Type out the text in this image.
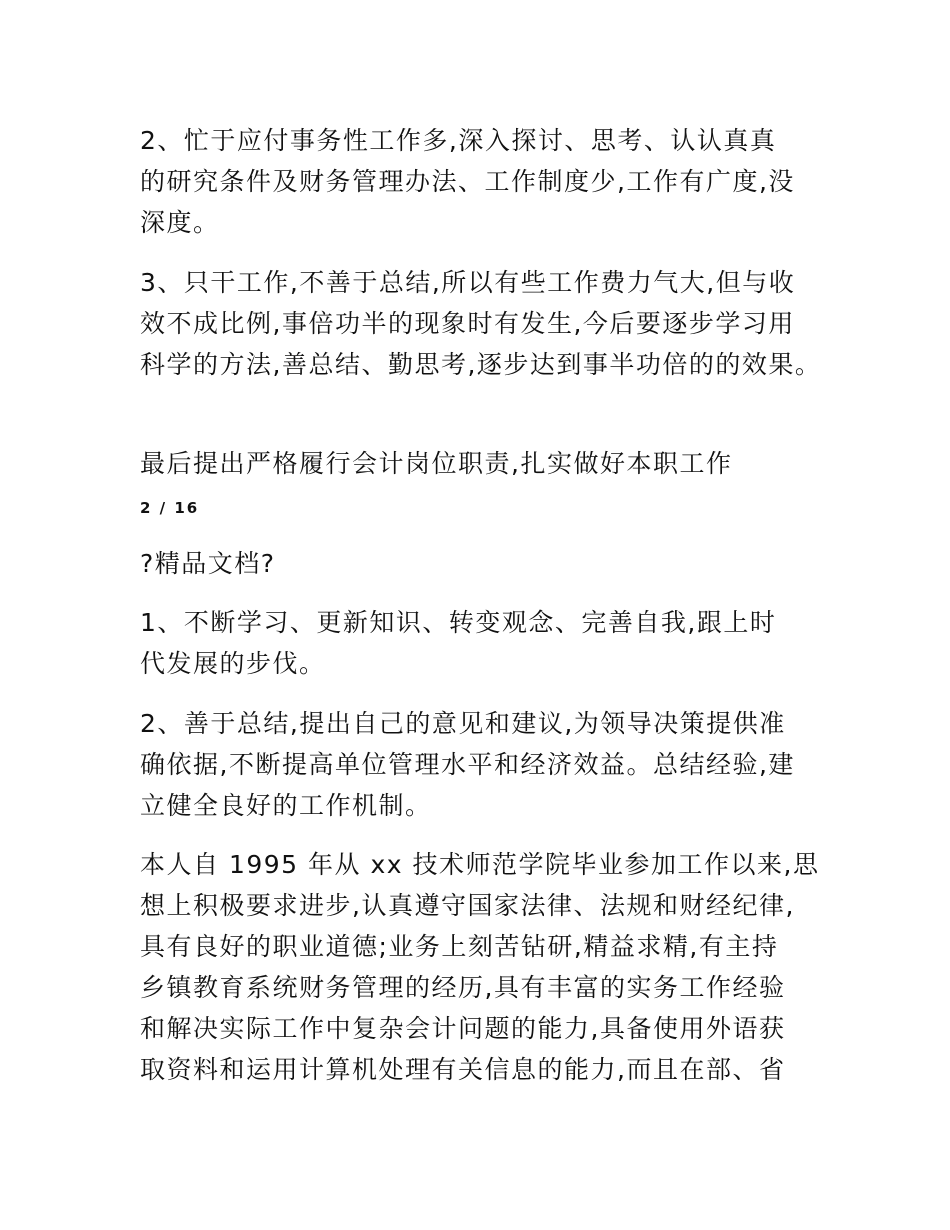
2、忙于应付事务性工作多,深入探讨、思考、认认真真
的研究条件及财务管理办法、工作制度少,工作有广度,没
深度。

3、只干工作,不善于总结,所以有些工作费力气大,但与收
效不成比例,事倍功半的现象时有发生,今后要逐步学习用
科学的方法,善总结、勤思考,逐步达到事半功倍的的效果。

最后提出严格履行会计岗位职责,扎实做好本职工作

2 / 16

?精品文档?

1、不断学习、更新知识、转变观念、完善自我,跟上时
代发展的步伐。

2、善于总结,提出自己的意见和建议,为领导决策提供准
确依据,不断提高单位管理水平和经济效益。总结经验,建
立健全良好的工作机制。

本人自 1995 年从 xx 技术师范学院毕业参加工作以来,思
想上积极要求进步,认真遵守国家法律、法规和财经纪律,
具有良好的职业道德;业务上刻苦钻研,精益求精,有主持
乡镇教育系统财务管理的经历,具有丰富的实务工作经验
和解决实际工作中复杂会计问题的能力,具备使用外语获
取资料和运用计算机处理有关信息的能力,而且在部、省
